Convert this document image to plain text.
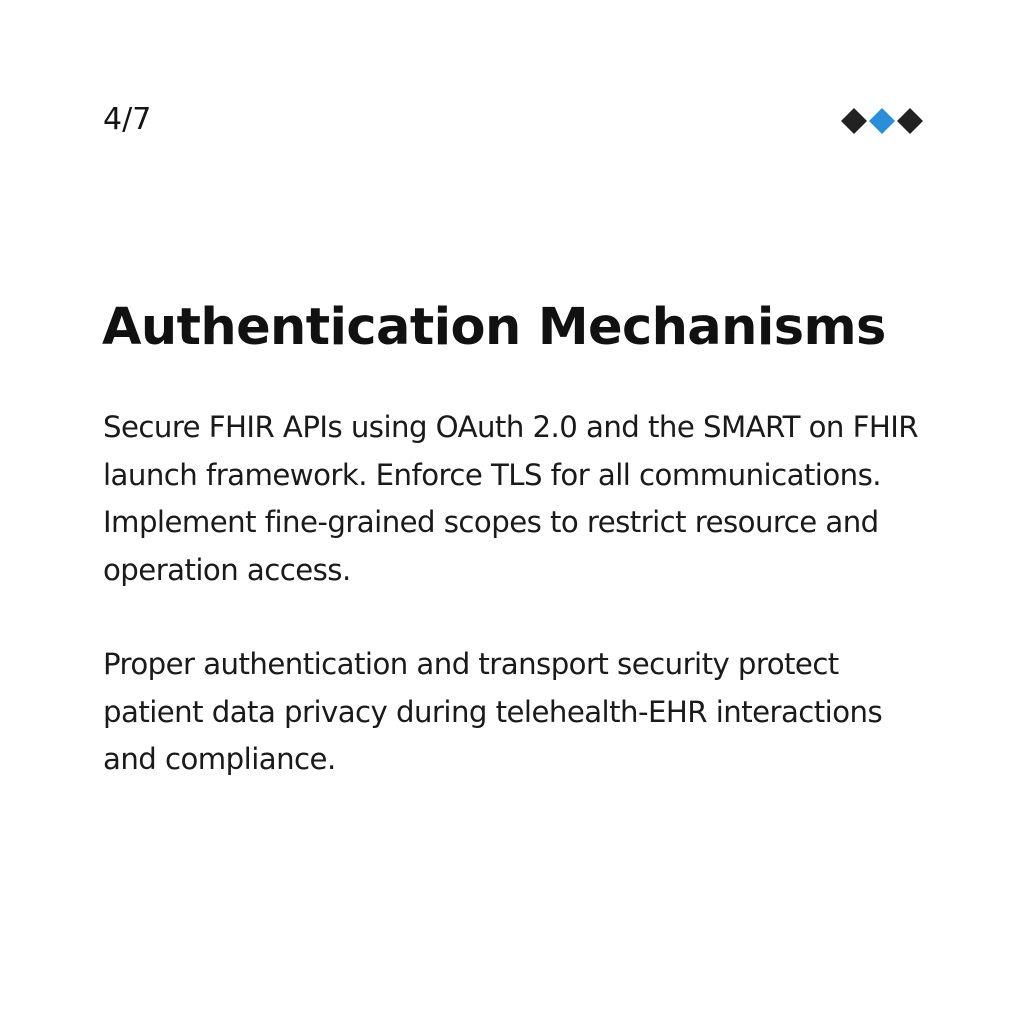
4/7
Authentication Mechanisms

Secure FHIR APIs using OAuth 2.0 and the SMART on FHIR launch framework. Enforce TLS for all communications. Implement fine-grained scopes to restrict resource and operation access.

Proper authentication and transport security protect patient data privacy during telehealth-EHR interactions and compliance.
